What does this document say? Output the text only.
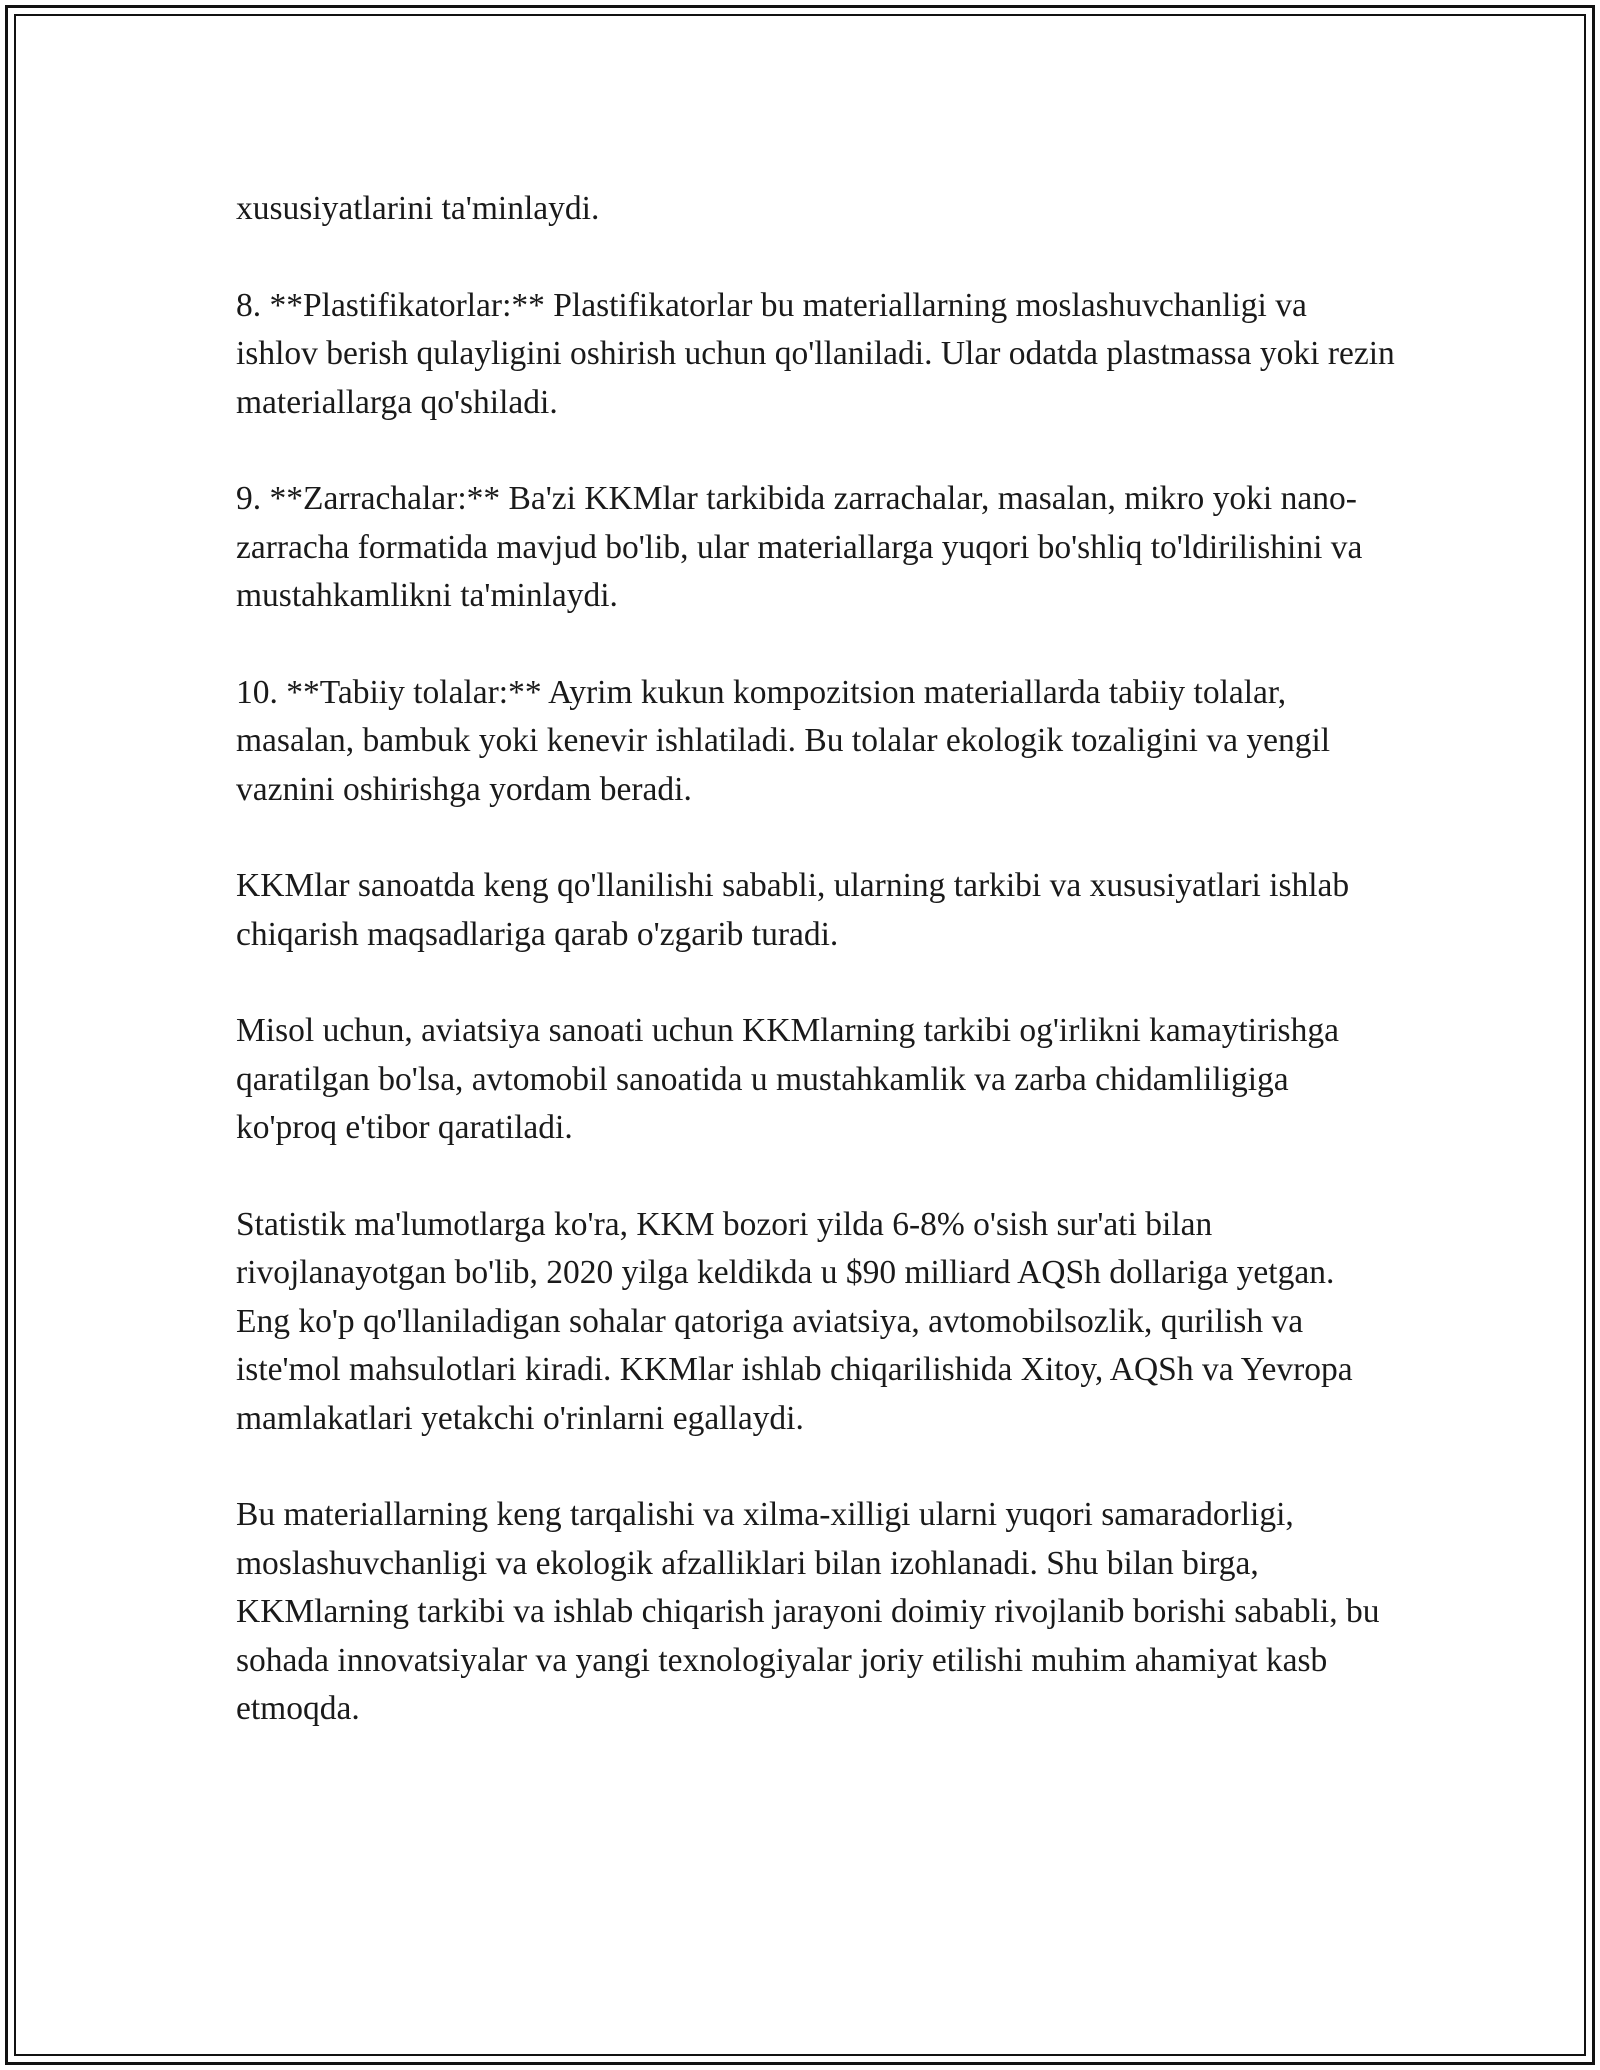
xususiyatlarini ta'minlaydi.

8. **Plastifikatorlar:** Plastifikatorlar bu materiallarning moslashuvchanligi va ishlov berish qulayligini oshirish uchun qo'llaniladi. Ular odatda plastmassa yoki rezin materiallarga qo'shiladi.

9. **Zarrachalar:** Ba'zi KKMlar tarkibida zarrachalar, masalan, mikro yoki nano-zarracha formatida mavjud bo'lib, ular materiallarga yuqori bo'shliq to'ldirilishini va mustahkamlikni ta'minlaydi.

10. **Tabiiy tolalar:** Ayrim kukun kompozitsion materiallarda tabiiy tolalar, masalan, bambuk yoki kenevir ishlatiladi. Bu tolalar ekologik tozaligini va yengil vaznini oshirishga yordam beradi.

KKMlar sanoatda keng qo'llanilishi sababli, ularning tarkibi va xususiyatlari ishlab chiqarish maqsadlariga qarab o'zgarib turadi.

Misol uchun, aviatsiya sanoati uchun KKMlarning tarkibi og'irlikni kamaytirishga qaratilgan bo'lsa, avtomobil sanoatida u mustahkamlik va zarba chidamliligiga ko'proq e'tibor qaratiladi.

Statistik ma'lumotlarga ko'ra, KKM bozori yilda 6-8% o'sish sur'ati bilan rivojlanayotgan bo'lib, 2020 yilga keldikda u $90 milliard AQSh dollariga yetgan. Eng ko'p qo'llaniladigan sohalar qatoriga aviatsiya, avtomobilsozlik, qurilish va iste'mol mahsulotlari kiradi. KKMlar ishlab chiqarilishida Xitoy, AQSh va Yevropa mamlakatlari yetakchi o'rinlarni egallaydi.

Bu materiallarning keng tarqalishi va xilma-xilligi ularni yuqori samaradorligi, moslashuvchanligi va ekologik afzalliklari bilan izohlanadi. Shu bilan birga, KKMlarning tarkibi va ishlab chiqarish jarayoni doimiy rivojlanib borishi sababli, bu sohada innovatsiyalar va yangi texnologiyalar joriy etilishi muhim ahamiyat kasb etmoqda.
